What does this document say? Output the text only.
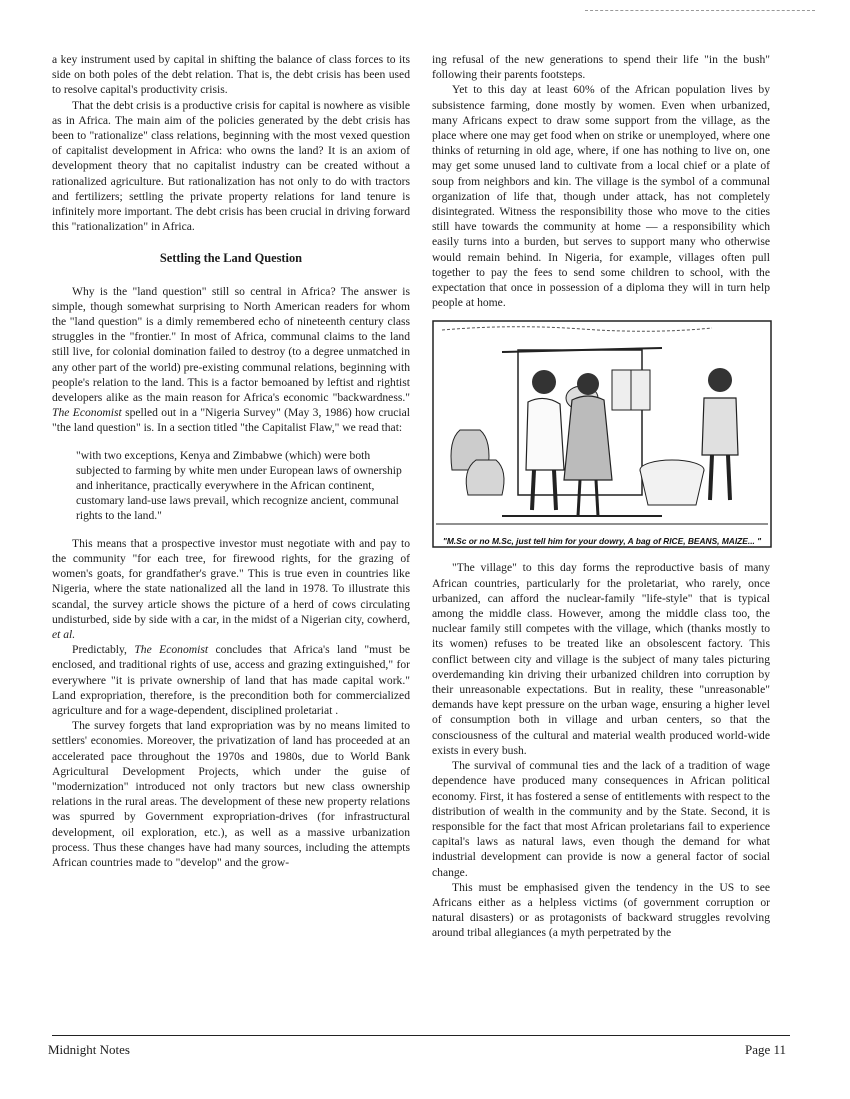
a key instrument used by capital in shifting the balance of class forces to its side on both poles of the debt relation. That is, the debt crisis has been used to resolve capital's productivity crisis.

That the debt crisis is a productive crisis for capital is nowhere as visible as in Africa. The main aim of the policies generated by the debt crisis has been to "rationalize" class relations, beginning with the most vexed question of capitalist development in Africa: who owns the land? It is an axiom of development theory that no capitalist industry can be created without a rationalized agriculture. But rationalization has not only to do with tractors and fertilizers; settling the private property relations for land tenure is infinitely more important. The debt crisis has been crucial in driving forward this "rationalization" in Africa.

Settling the Land Question

Why is the "land question" still so central in Africa? The answer is simple, though somewhat surprising to North American readers for whom the "land question" is a dimly remembered echo of nineteenth century class struggles in the "frontier." In most of Africa, communal claims to the land still live, for colonial domination failed to destroy (to a degree unmatched in any other part of the world) pre-existing communal relations, beginning with people's relation to the land. This is a factor bemoaned by leftist and rightist developers alike as the main reason for Africa's economic "backwardness." The Economist spelled out in a "Nigeria Survey" (May 3, 1986) how crucial "the land question" is. In a section titled "the Capitalist Flaw," we read that:

"with two exceptions, Kenya and Zimbabwe (which) were both subjected to farming by white men under European laws of ownership and inheritance, practically everywhere in the African continent, customary land-use laws prevail, which recognize ancient, communal rights to the land."

This means that a prospective investor must negotiate with and pay to the community "for each tree, for firewood rights, for the grazing of women's goats, for grandfather's grave." This is true even in countries like Nigeria, where the state nationalized all the land in 1978. To illustrate this scandal, the survey article shows the picture of a herd of cows circulating undisturbed, side by side with a car, in the midst of a Nigerian city, cowherd, et al.

Predictably, The Economist concludes that Africa's land "must be enclosed, and traditional rights of use, access and grazing extinguished," for everywhere "it is private ownership of land that has made capital work." Land expropriation, therefore, is the precondition both for commercialized agriculture and for a wage-dependent, disciplined proletariat .

The survey forgets that land expropriation was by no means limited to settlers' economies. Moreover, the privatization of land has proceeded at an accelerated pace throughout the 1970s and 1980s, due to World Bank Agricultural Development Projects, which under the guise of "modernization" introduced not only tractors but new class ownership relations in the rural areas. The development of these new property relations was spurred by Government expropriation-drives (for infrastructural development, oil exploration, etc.), as well as a massive urbanization process. Thus these changes have had many sources, including the attempts African countries made to "develop" and the grow-

ing refusal of the new generations to spend their life "in the bush" following their parents footsteps.

Yet to this day at least 60% of the African population lives by subsistence farming, done mostly by women. Even when urbanized, many Africans expect to draw some support from the village, as the place where one may get food when on strike or unemployed, where one thinks of returning in old age, where, if one has nothing to live on, one may get some unused land to cultivate from a local chief or a plate of soup from neighbors and kin. The village is the symbol of a communal organization of life that, though under attack, has not completely disintegrated. Witness the responsibility those who move to the cities still have towards the community at home — a responsibility which easily turns into a burden, but serves to support many who otherwise would remain behind. In Nigeria, for example, villages often pull together to pay the fees to send some children to school, with the expectation that once in possession of a diploma they will in turn help people at home.

"M.Sc or no M.Sc, just tell him for your dowry, A bag of RICE, BEANS, MAIZE... "

"The village" to this day forms the reproductive basis of many African countries, particularly for the proletariat, who rarely, once urbanized, can afford the nuclear-family "life-style" that is typical among the middle class. However, among the middle class too, the nuclear family still competes with the village, which (thanks mostly to its women) refuses to be treated like an obsolescent factory. This conflict between city and village is the subject of many tales picturing overdemanding kin driving their urbanized children into corruption by their unreasonable expectations. But in reality, these "unreasonable" demands have kept pressure on the urban wage, ensuring a higher level of consumption both in village and urban centers, so that the consciousness of the cultural and material wealth produced world-wide exists in every bush.

The survival of communal ties and the lack of a tradition of wage dependence have produced many consequences in African political economy. First, it has fostered a sense of entitlements with respect to the distribution of wealth in the community and by the State. Second, it is responsible for the fact that most African proletarians fail to experience capital's laws as natural laws, even though the demand for what industrial development can provide is now a general factor of social change.

This must be emphasised given the tendency in the US to see Africans either as a helpless victims (of government corruption or natural disasters) or as protagonists of backward struggles revolving around tribal allegiances (a myth perpetrated by the

Midnight Notes	Page 11
